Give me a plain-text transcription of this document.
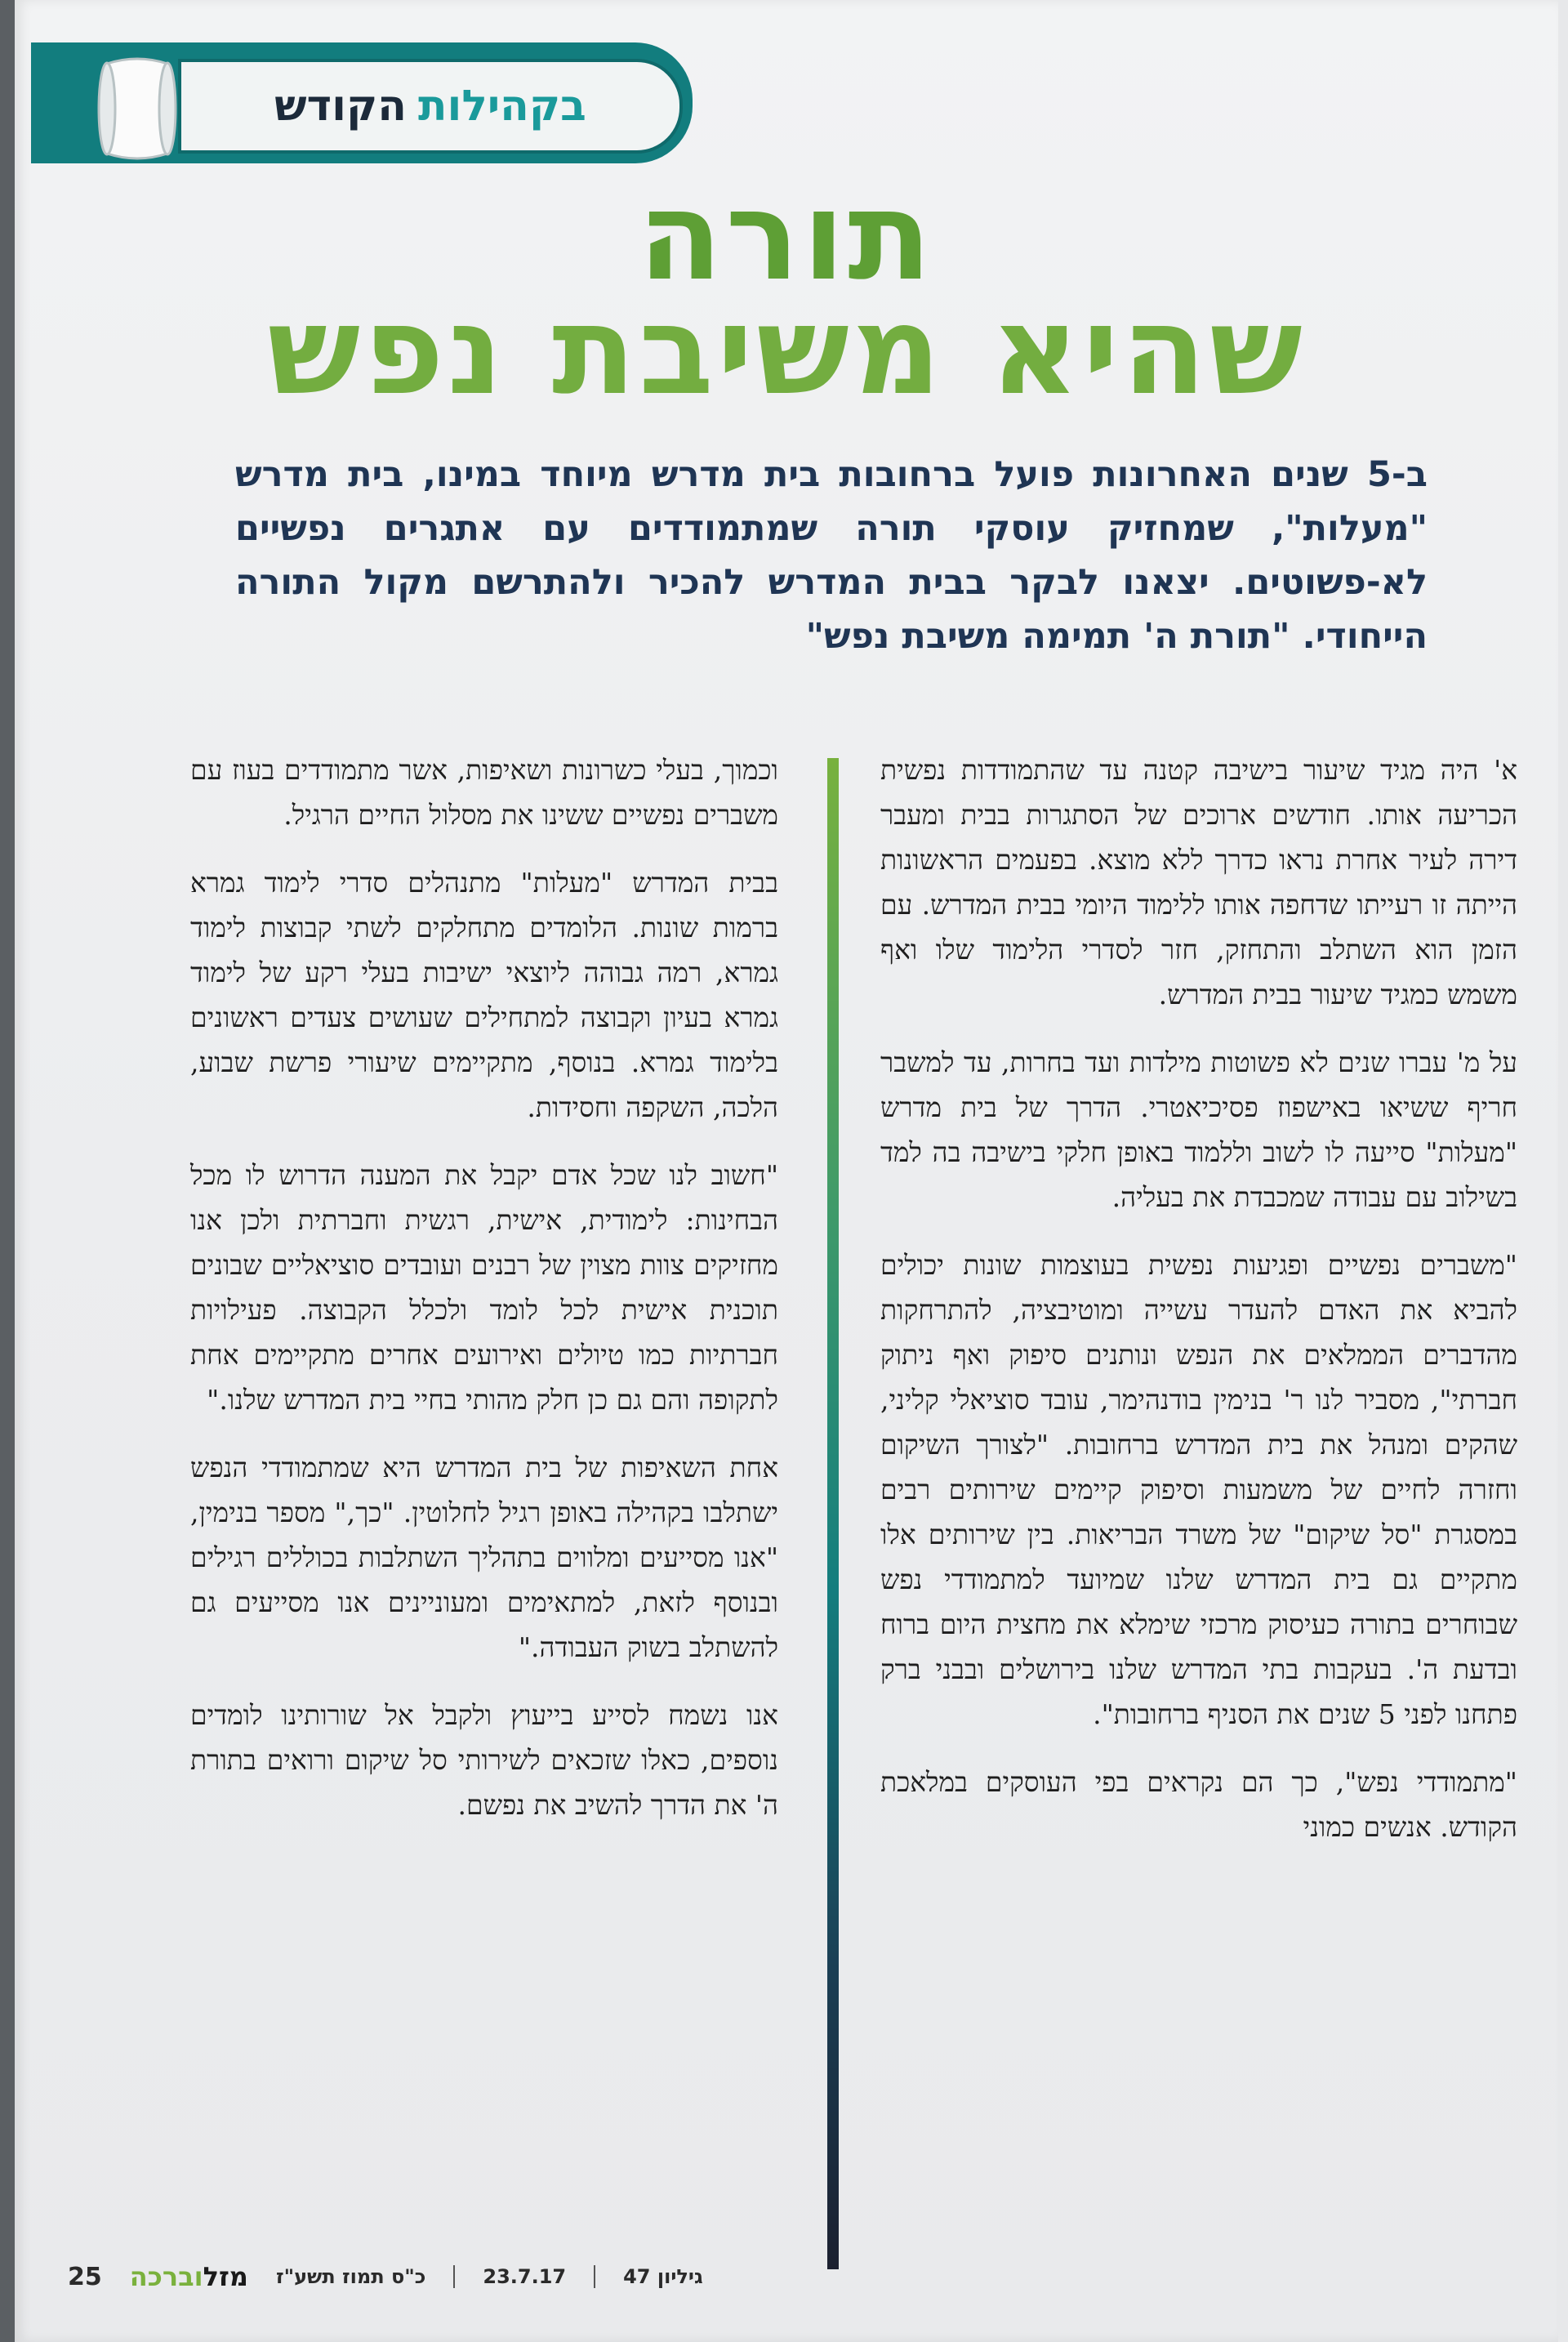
בקהילות
הקודש
תורה
שהיא משיבת נפש
ב-5 שנים האחרונות פועל ברחובות בית מדרש מיוחד במינו, בית מדרש "מעלות", שמחזיק עוסקי תורה שמתמודדים עם אתגרים נפשיים לא-פשוטים. יצאנו לבקר בבית המדרש להכיר ולהתרשם מקול התורה הייחודי. "תורת ה' תמימה משיבת נפש"

א' היה מגיד שיעור בישיבה קטנה עד שהתמודדות נפשית הכריעה אותו. חודשים ארוכים של הסתגרות בבית ומעבר דירה לעיר אחרת נראו כדרך ללא מוצא. בפעמים הראשונות הייתה זו רעייתו שדחפה אותו ללימוד היומי בבית המדרש. עם הזמן הוא השתלב והתחזק, חזר לסדרי הלימוד שלו ואף משמש כמגיד שיעור בבית המדרש.

על מ' עברו שנים לא פשוטות מילדות ועד בחרות, עד למשבר חריף ששיאו באישפוז פסיכיאטרי. הדרך של בית מדרש "מעלות" סייעה לו לשוב וללמוד באופן חלקי בישיבה בה למד בשילוב עם עבודה שמכבדת את בעליה.

"משברים נפשיים ופגיעות נפשית בעוצמות שונות יכולים להביא את האדם להעדר עשייה ומוטיבציה, להתרחקות מהדברים הממלאים את הנפש ונותנים סיפוק ואף ניתוק חברתי", מסביר לנו ר' בנימין בודנהימר, עובד סוציאלי קליני, שהקים ומנהל את בית המדרש ברחובות. "לצורך השיקום וחזרה לחיים של משמעות וסיפוק קיימים שירותים רבים במסגרת "סל שיקום" של משרד הבריאות. בין שירותים אלו מתקיים גם בית המדרש שלנו שמיועד למתמודדי נפש שבוחרים בתורה כעיסוק מרכזי שימלא את מחצית היום ברוח ובדעת ה'. בעקבות בתי המדרש שלנו בירושלים ובבני ברק פתחנו לפני 5 שנים את הסניף ברחובות".

"מתמודדי נפש", כך הם נקראים בפי העוסקים במלאכת הקודש. אנשים כמוני

וכמוך, בעלי כשרונות ושאיפות, אשר מתמודדים בעוז עם משברים נפשיים ששינו את מסלול החיים הרגיל.

בבית המדרש "מעלות" מתנהלים סדרי לימוד גמרא ברמות שונות. הלומדים מתחלקים לשתי קבוצות לימוד גמרא, רמה גבוהה ליוצאי ישיבות בעלי רקע של לימוד גמרא בעיון וקבוצה למתחילים שעושים צעדים ראשונים בלימוד גמרא. בנוסף, מתקיימים שיעורי פרשת שבוע, הלכה, השקפה וחסידות.

"חשוב לנו שכל אדם יקבל את המענה הדרוש לו מכל הבחינות: לימודית, אישית, רגשית וחברתית ולכן אנו מחזיקים צוות מצוין של רבנים ועובדים סוציאליים שבונים תוכנית אישית לכל לומד ולכלל הקבוצה. פעילויות חברתיות כמו טיולים ואירועים אחרים מתקיימים אחת לתקופה והם גם כן חלק מהותי בחיי בית המדרש שלנו."

אחת השאיפות של בית המדרש היא שמתמודדי הנפש ישתלבו בקהילה באופן רגיל לחלוטין. "כך," מספר בנימין, "אנו מסייעים ומלווים בתהליך השתלבות בכוללים רגילים ובנוסף לזאת, למתאימים ומעוניינים אנו מסייעים גם להשתלב בשוק העבודה."

אנו נשמח לסייע בייעוץ ולקבל אל שורותינו לומדים נוספים, כאלו שזכאים לשירותי סל שיקום ורואים בתורת ה' את הדרך להשיב את נפשם.

25	מזלוברכה	כ"ס תמוז תשע"ז	23.7.17	גיליון 47
